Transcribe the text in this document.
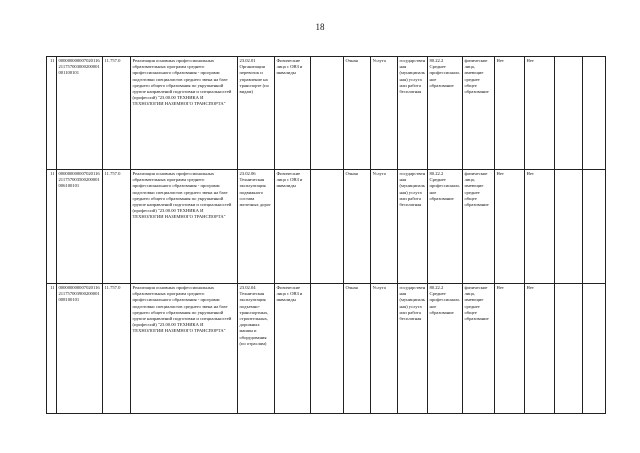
18
11	000000000007020116211757003000200001001100101	11.757.0	Реализация основных профессиональных образовательных программ среднего профессионального образования - программ подготовки специалистов среднего звена на базе среднего общего образования по укрупненной группе направлений подготовки и специальностей (профессий) "23.00.00 ТЕХНИКА И ТЕХНОЛОГИИ НАЗЕМНОГО ТРАНСПОРТА"	23.02.01 Организация перевозок и управление на транспорте (по видам)	Физические лица с ОВЗ и инвалиды		Очная	Услуга	государственная (муниципальная) услуга или работа бесплатная	80.22.2 Среднее профессиональное образование	физические лица, имеющие среднее общее образование	Нет	Нет		
11	000000000007020116211757003500200001006100101	11.757.0	Реализация основных профессиональных образовательных программ среднего профессионального образования - программ подготовки специалистов среднего звена на базе среднего общего образования по укрупненной группе направлений подготовки и специальностей (профессий) "23.00.00 ТЕХНИКА И ТЕХНОЛОГИИ НАЗЕМНОГО ТРАНСПОРТА"	23.02.06 Техническая эксплуатация подвижного состава железных дорог	Физические лица с ОВЗ и инвалиды		Очная	Услуга	государственная (муниципальная) услуга или работа бесплатная	80.22.2 Среднее профессиональное образование	физические лица, имеющие среднее общее образование	Нет	Нет		
11	000000000007020116211757003900200001008100101	11.757.0	Реализация основных профессиональных образовательных программ среднего профессионального образования - программ подготовки специалистов среднего звена на базе среднего общего образования по укрупненной группе направлений подготовки и специальностей (профессий) "23.00.00 ТЕХНИКА И ТЕХНОЛОГИИ НАЗЕМНОГО ТРАНСПОРТА"	23.02.04 Техническая эксплуатация подъемно-транспортных, строительных, дорожных машин и оборудования (по отраслям)	Физические лица с ОВЗ и инвалиды		Очная	Услуга	государственная (муниципальная) услуга или работа бесплатная	80.22.2 Среднее профессиональное образование	физические лица, имеющие среднее общее образование	Нет	Нет		
